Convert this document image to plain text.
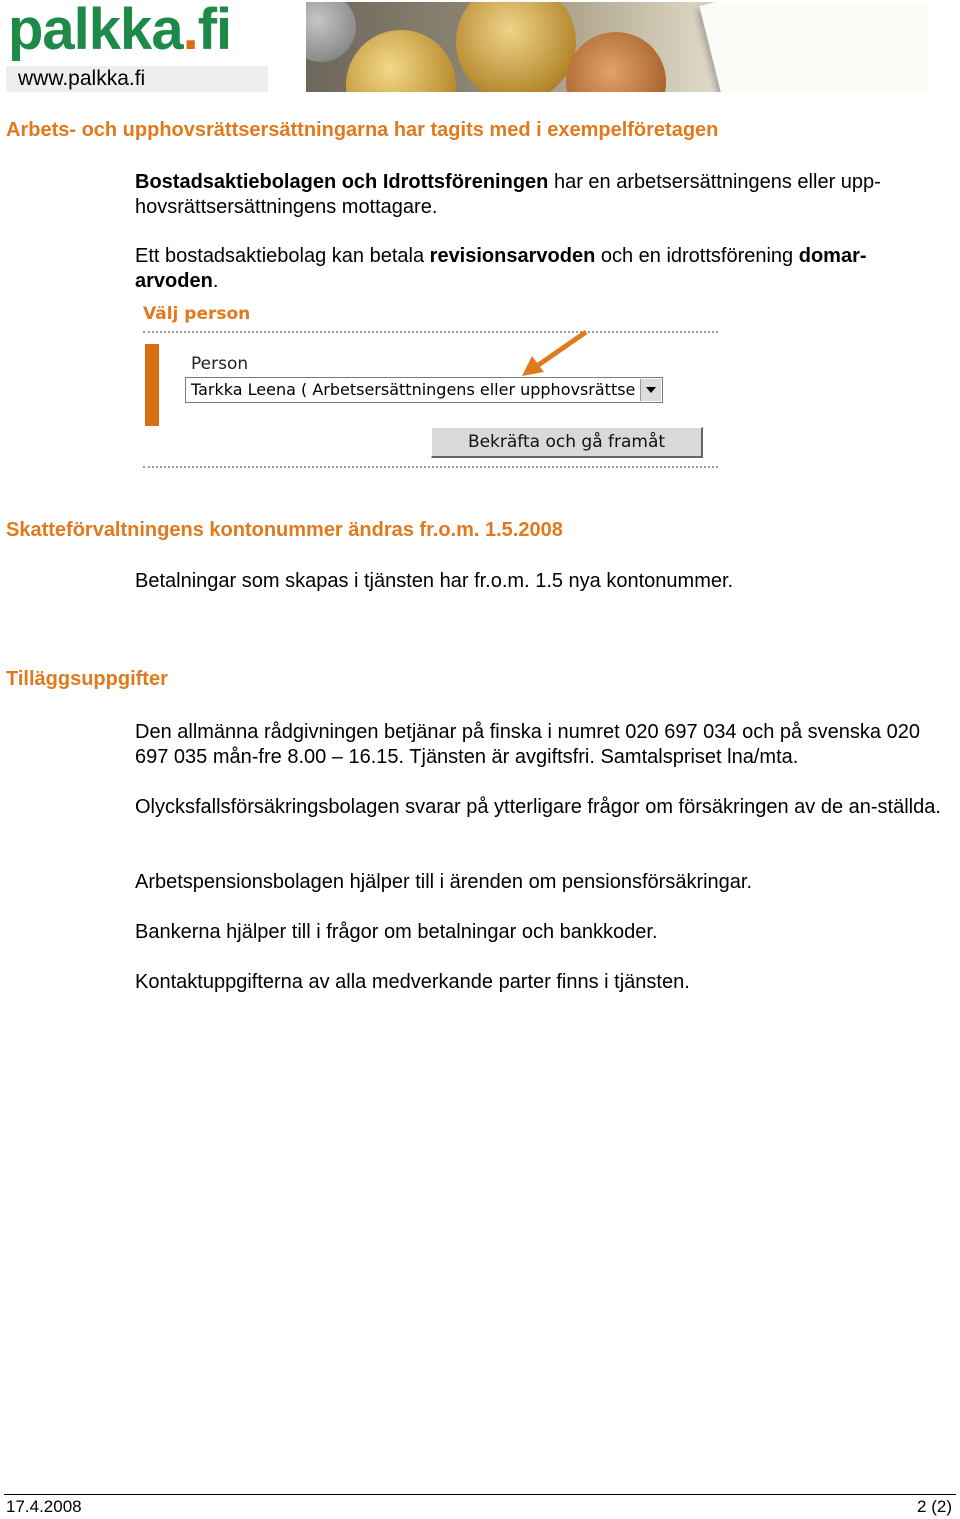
palkka.fi
www.palkka.fi
Arbets- och upphovsrättsersättningarna har tagits med i exempelföretagen
Bostadsaktiebolagen och Idrottsföreningen har en arbetsersättningens eller upp-hovsrättsersättningens mottagare.
Ett bostadsaktiebolag kan betala revisionsarvoden och en idrottsförening domar-arvoden.
Välj person
Person
Tarkka Leena ( Arbetsersättningens eller upphovsrättse
Bekräfta och gå framåt
Skatteförvaltningens kontonummer ändras fr.o.m. 1.5.2008
Betalningar som skapas i tjänsten har fr.o.m. 1.5 nya kontonummer.
Tilläggsuppgifter
Den allmänna rådgivningen betjänar på finska i numret 020 697 034 och på svenska 020 697 035 mån-fre 8.00 – 16.15. Tjänsten är avgiftsfri. Samtalspriset lna/mta.
Olycksfallsförsäkringsbolagen svarar på ytterligare frågor om försäkringen av de an-ställda.
Arbetspensionsbolagen hjälper till i ärenden om pensionsförsäkringar.
Bankerna hjälper till i frågor om betalningar och bankkoder.
Kontaktuppgifterna av alla medverkande parter finns i tjänsten.
17.4.2008	2 (2)
